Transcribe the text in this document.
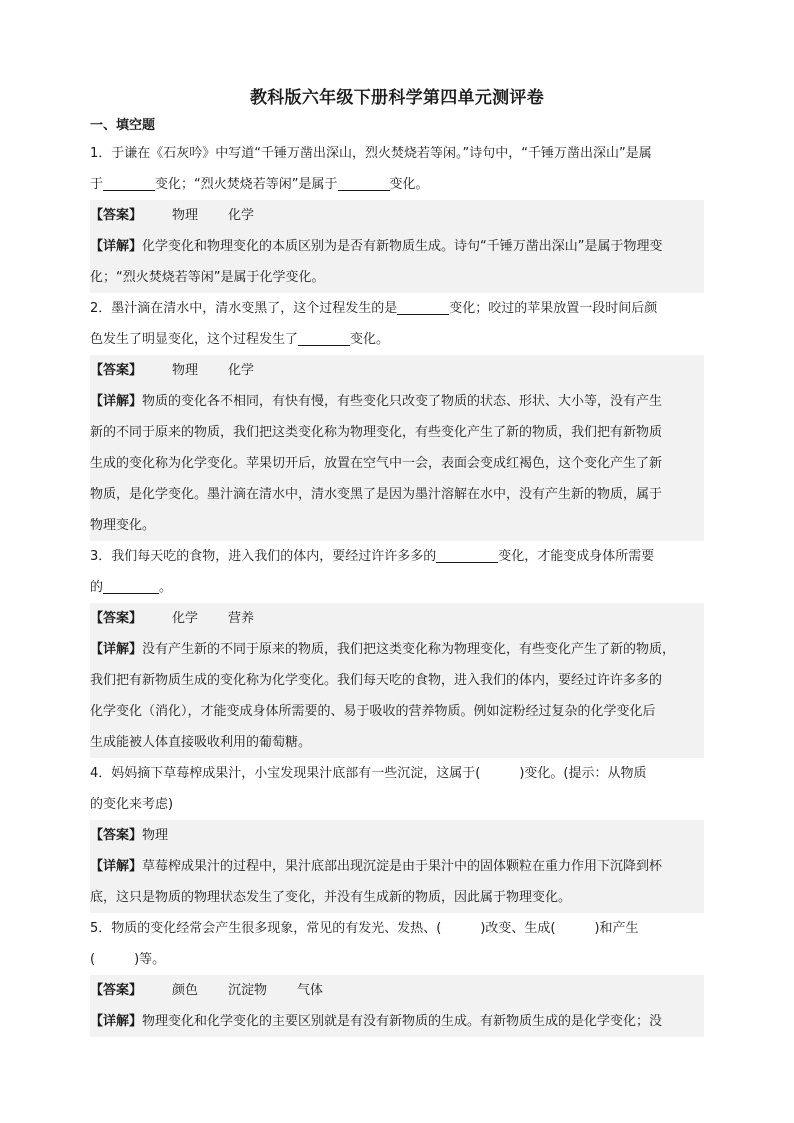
教科版六年级下册科学第四单元测评卷
一、填空题
1．于谦在《石灰吟》中写道“千锤万凿出深山，烈火焚烧若等闲。”诗句中，“千锤万凿出深山”是属
于	变化；“烈火焚烧若等闲”是属于	变化。
【答案】 物理 化学
【详解】化学变化和物理变化的本质区别为是否有新物质生成。诗句“千锤万凿出深山”是属于物理变
化；“烈火焚烧若等闲”是属于化学变化。
2．墨汁滴在清水中，清水变黑了，这个过程发生的是	变化；咬过的苹果放置一段时间后颜
色发生了明显变化，这个过程发生了	变化。
【答案】 物理 化学
【详解】物质的变化各不相同，有快有慢，有些变化只改变了物质的状态、形状、大小等，没有产生
新的不同于原来的物质，我们把这类变化称为物理变化，有些变化产生了新的物质，我们把有新物质
生成的变化称为化学变化。苹果切开后，放置在空气中一会，表面会变成红褐色，这个变化产生了新
物质，是化学变化。墨汁滴在清水中，清水变黑了是因为墨汁溶解在水中，没有产生新的物质，属于
物理变化。
3．我们每天吃的食物，进入我们的体内，要经过许许多多的	变化，才能变成身体所需要
的	。
【答案】 化学 营养
【详解】没有产生新的不同于原来的物质，我们把这类变化称为物理变化，有些变化产生了新的物质，
我们把有新物质生成的变化称为化学变化。我们每天吃的食物，进入我们的体内，要经过许许多多的
化学变化（消化），才能变成身体所需要的、易于吸收的营养物质。例如淀粉经过复杂的化学变化后
生成能被人体直接吸收利用的葡萄糖。
4．妈妈摘下草莓榨成果汁，小宝发现果汁底部有一些沉淀，这属于(　　　)变化。(提示：从物质
的变化来考虑)
【答案】物理
【详解】草莓榨成果汁的过程中，果汁底部出现沉淀是由于果汁中的固体颗粒在重力作用下沉降到杯
底，这只是物质的物理状态发生了变化，并没有生成新的物质，因此属于物理变化。
5．物质的变化经常会产生很多现象，常见的有发光、发热、(　　　)改变、生成(　　　)和产生
(　　　)等。
【答案】 颜色 沉淀物 气体
【详解】物理变化和化学变化的主要区别就是有没有新物质的生成。有新物质生成的是化学变化；没
